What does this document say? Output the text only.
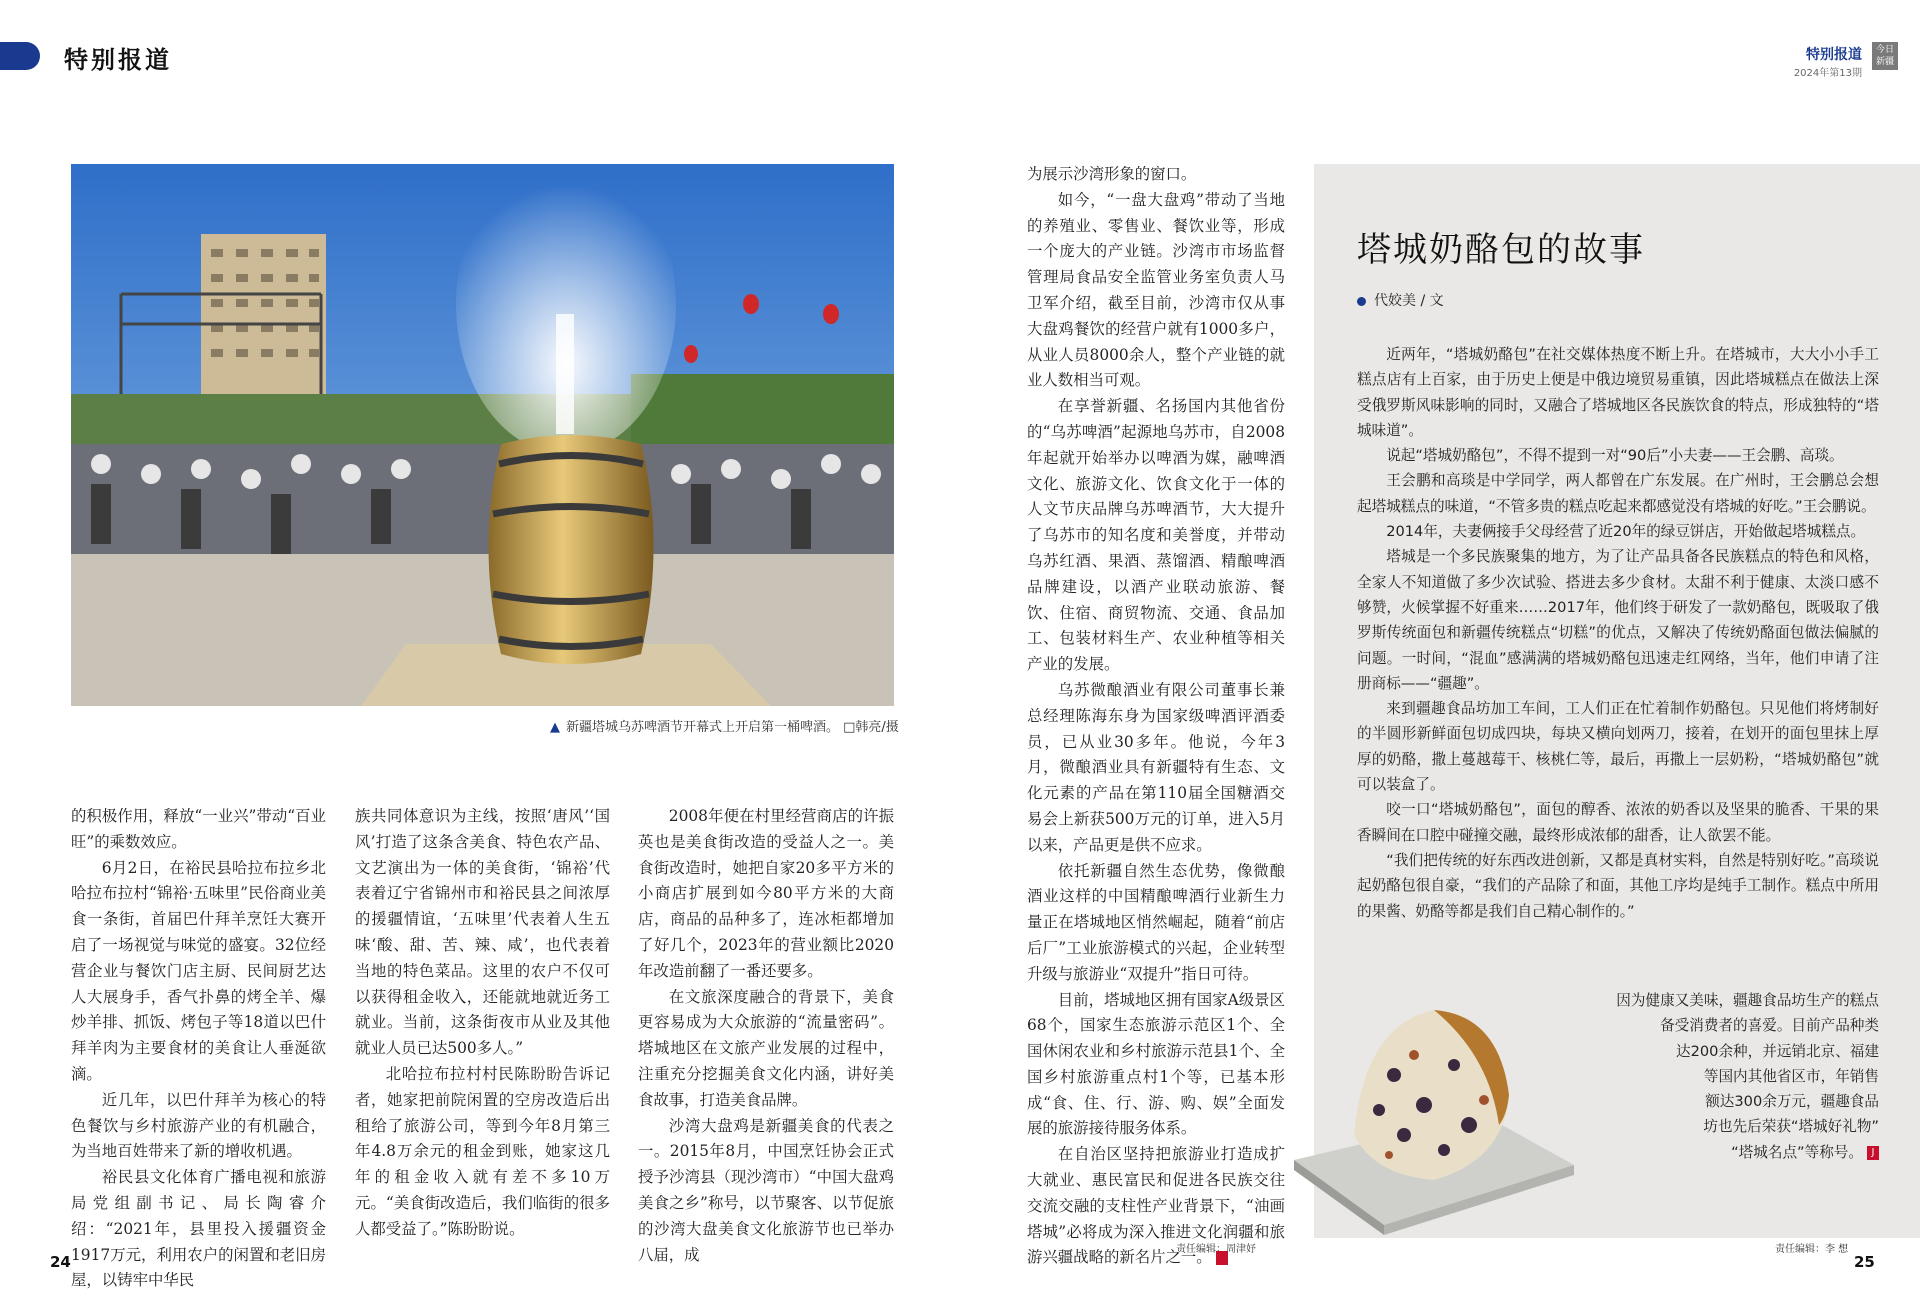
特别报道	特别报道
2024年第13期
今日
新疆
▲ 新疆塔城乌苏啤酒节开幕式上开启第一桶啤酒。 □韩亮/摄

的积极作用，释放“一业兴”带动“百业旺”的乘数效应。

6月2日，在裕民县哈拉布拉乡北哈拉布拉村“锦裕·五味里”民俗商业美食一条街，首届巴什拜羊烹饪大赛开启了一场视觉与味觉的盛宴。32位经营企业与餐饮门店主厨、民间厨艺达人大展身手，香气扑鼻的烤全羊、爆炒羊排、抓饭、烤包子等18道以巴什拜羊肉为主要食材的美食让人垂涎欲滴。

近几年，以巴什拜羊为核心的特色餐饮与乡村旅游产业的有机融合，为当地百姓带来了新的增收机遇。

裕民县文化体育广播电视和旅游局党组副书记、局长陶睿介绍：“2021年，县里投入援疆资金1917万元，利用农户的闲置和老旧房屋，以铸牢中华民

族共同体意识为主线，按照‘唐风’‘国风’打造了这条含美食、特色农产品、文艺演出为一体的美食街，‘锦裕’代表着辽宁省锦州市和裕民县之间浓厚的援疆情谊，‘五味里’代表着人生五味‘酸、甜、苦、辣、咸’，也代表着当地的特色菜品。这里的农户不仅可以获得租金收入，还能就地就近务工就业。当前，这条街夜市从业及其他就业人员已达500多人。”

北哈拉布拉村村民陈盼盼告诉记者，她家把前院闲置的空房改造后出租给了旅游公司，等到今年8月第三年4.8万余元的租金到账，她家这几年的租金收入就有差不多10万元。“美食街改造后，我们临街的很多人都受益了。”陈盼盼说。

2008年便在村里经营商店的许振英也是美食街改造的受益人之一。美食街改造时，她把自家20多平方米的小商店扩展到如今80平方米的大商店，商品的品种多了，连冰柜都增加了好几个，2023年的营业额比2020年改造前翻了一番还要多。

在文旅深度融合的背景下，美食更容易成为大众旅游的“流量密码”。塔城地区在文旅产业发展的过程中，注重充分挖掘美食文化内涵，讲好美食故事，打造美食品牌。

沙湾大盘鸡是新疆美食的代表之一。2015年8月，中国烹饪协会正式授予沙湾县（现沙湾市）“中国大盘鸡美食之乡”称号，以节聚客、以节促旅的沙湾大盘美食文化旅游节也已举办八届，成

为展示沙湾形象的窗口。

如今，“一盘大盘鸡”带动了当地的养殖业、零售业、餐饮业等，形成一个庞大的产业链。沙湾市市场监督管理局食品安全监管业务室负责人马卫军介绍，截至目前，沙湾市仅从事大盘鸡餐饮的经营户就有1000多户，从业人员8000余人，整个产业链的就业人数相当可观。

在享誉新疆、名扬国内其他省份的“乌苏啤酒”起源地乌苏市，自2008年起就开始举办以啤酒为媒，融啤酒文化、旅游文化、饮食文化于一体的人文节庆品牌乌苏啤酒节，大大提升了乌苏市的知名度和美誉度，并带动乌苏红酒、果酒、蒸馏酒、精酿啤酒品牌建设，以酒产业联动旅游、餐饮、住宿、商贸物流、交通、食品加工、包装材料生产、农业种植等相关产业的发展。

乌苏微酿酒业有限公司董事长兼总经理陈海东身为国家级啤酒评酒委员，已从业30多年。他说，今年3月，微酿酒业具有新疆特有生态、文化元素的产品在第110届全国糖酒交易会上新获500万元的订单，进入5月以来，产品更是供不应求。

依托新疆自然生态优势，像微酿酒业这样的中国精酿啤酒行业新生力量正在塔城地区悄然崛起，随着“前店后厂”工业旅游模式的兴起，企业转型升级与旅游业“双提升”指日可待。

目前，塔城地区拥有国家A级景区68个，国家生态旅游示范区1个、全国休闲农业和乡村旅游示范县1个、全国乡村旅游重点村1个等，已基本形成“食、住、行、游、购、娱”全面发展的旅游接待服务体系。

在自治区坚持把旅游业打造成扩大就业、惠民富民和促进各民族交往交流交融的支柱性产业背景下，“油画塔城”必将成为深入推进文化润疆和旅游兴疆战略的新名片之一。	J

责任编辑：周津妤
塔城奶酪包的故事
代姣美 / 文

近两年，“塔城奶酪包”在社交媒体热度不断上升。在塔城市，大大小小手工糕点店有上百家，由于历史上便是中俄边境贸易重镇，因此塔城糕点在做法上深受俄罗斯风味影响的同时，又融合了塔城地区各民族饮食的特点，形成独特的“塔城味道”。

说起“塔城奶酪包”，不得不提到一对“90后”小夫妻——王会鹏、高琰。

王会鹏和高琰是中学同学，两人都曾在广东发展。在广州时，王会鹏总会想起塔城糕点的味道，“不管多贵的糕点吃起来都感觉没有塔城的好吃。”王会鹏说。

2014年，夫妻俩接手父母经营了近20年的绿豆饼店，开始做起塔城糕点。

塔城是一个多民族聚集的地方，为了让产品具备各民族糕点的特色和风格，全家人不知道做了多少次试验、搭进去多少食材。太甜不利于健康、太淡口感不够赞，火候掌握不好重来……2017年，他们终于研发了一款奶酪包，既吸取了俄罗斯传统面包和新疆传统糕点“切糕”的优点，又解决了传统奶酪面包做法偏腻的问题。一时间，“混血”感满满的塔城奶酪包迅速走红网络，当年，他们申请了注册商标——“疆趣”。

来到疆趣食品坊加工车间，工人们正在忙着制作奶酪包。只见他们将烤制好的半圆形新鲜面包切成四块，每块又横向划两刀，接着，在划开的面包里抹上厚厚的奶酪，撒上蔓越莓干、核桃仁等，最后，再撒上一层奶粉，“塔城奶酪包”就可以装盒了。

咬一口“塔城奶酪包”，面包的醇香、浓浓的奶香以及坚果的脆香、干果的果香瞬间在口腔中碰撞交融，最终形成浓郁的甜香，让人欲罢不能。

“我们把传统的好东西改进创新，又都是真材实料，自然是特别好吃。”高琰说起奶酪包很自豪，“我们的产品除了和面，其他工序均是纯手工制作。糕点中所用的果酱、奶酪等都是我们自己精心制作的。”

因为健康又美味，疆趣食品坊生产的糕点
备受消费者的喜爱。目前产品种类
达200余种，并远销北京、福建
等国内其他省区市，年销售
额达300余万元，疆趣食品
坊也先后荣获“塔城好礼物”
“塔城名点”等称号。 J
责任编辑：李 想
24	25
